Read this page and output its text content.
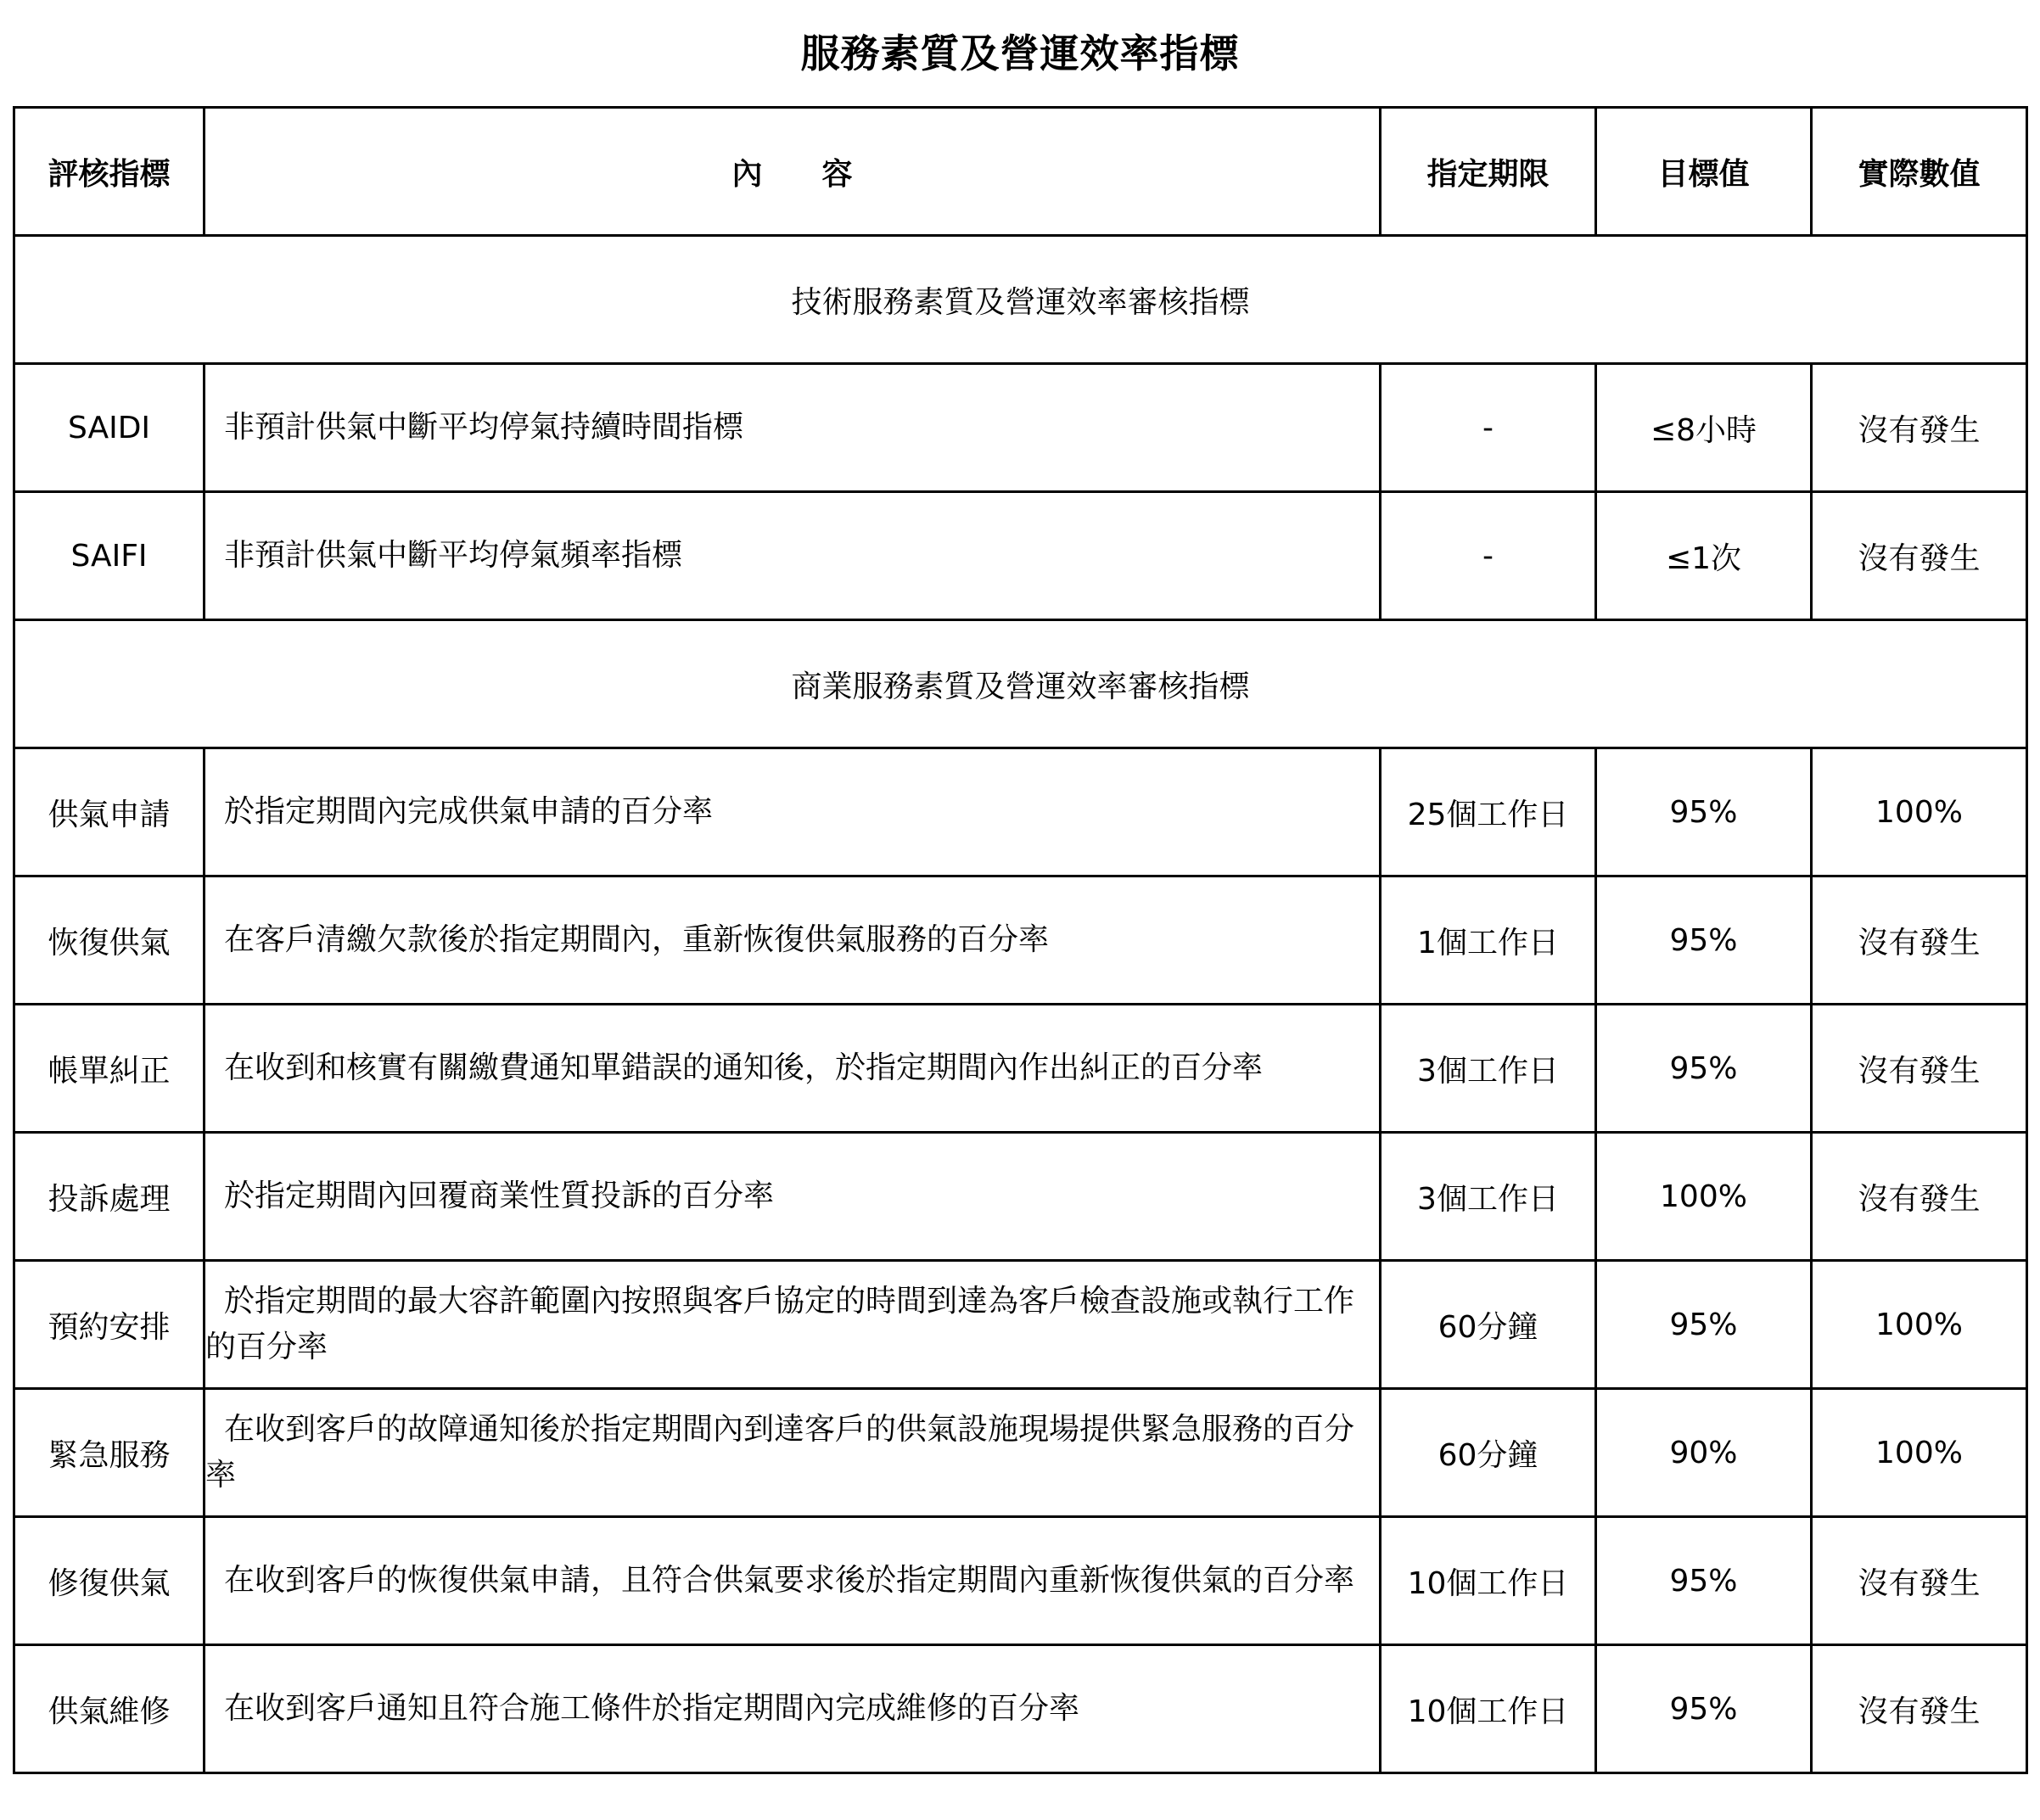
服務素質及營運效率指標
評核指標	內 容	指定期限	目標值	實際數值
技術服務素質及營運效率審核指標				
SAIDI	非預計供氣中斷平均停氣持續時間指標	-	≤8小時	沒有發生
SAIFI	非預計供氣中斷平均停氣頻率指標	-	≤1次	沒有發生
商業服務素質及營運效率審核指標				
供氣申請	於指定期間內完成供氣申請的百分率	25個工作日	95%	100%
恢復供氣	在客戶清繳欠款後於指定期間內，重新恢復供氣服務的百分率	1個工作日	95%	沒有發生
帳單糾正	在收到和核實有關繳費通知單錯誤的通知後，於指定期間內作出糾正的百分率	3個工作日	95%	沒有發生
投訴處理	於指定期間內回覆商業性質投訴的百分率	3個工作日	100%	沒有發生
預約安排	於指定期間的最大容許範圍內按照與客戶協定的時間到達為客戶檢查設施或執行工作的百分率	60分鐘	95%	100%
緊急服務	在收到客戶的故障通知後於指定期間內到達客戶的供氣設施現場提供緊急服務的百分率	60分鐘	90%	100%
修復供氣	在收到客戶的恢復供氣申請，且符合供氣要求後於指定期間內重新恢復供氣的百分率	10個工作日	95%	沒有發生
供氣維修	在收到客戶通知且符合施工條件於指定期間內完成維修的百分率	10個工作日	95%	沒有發生
